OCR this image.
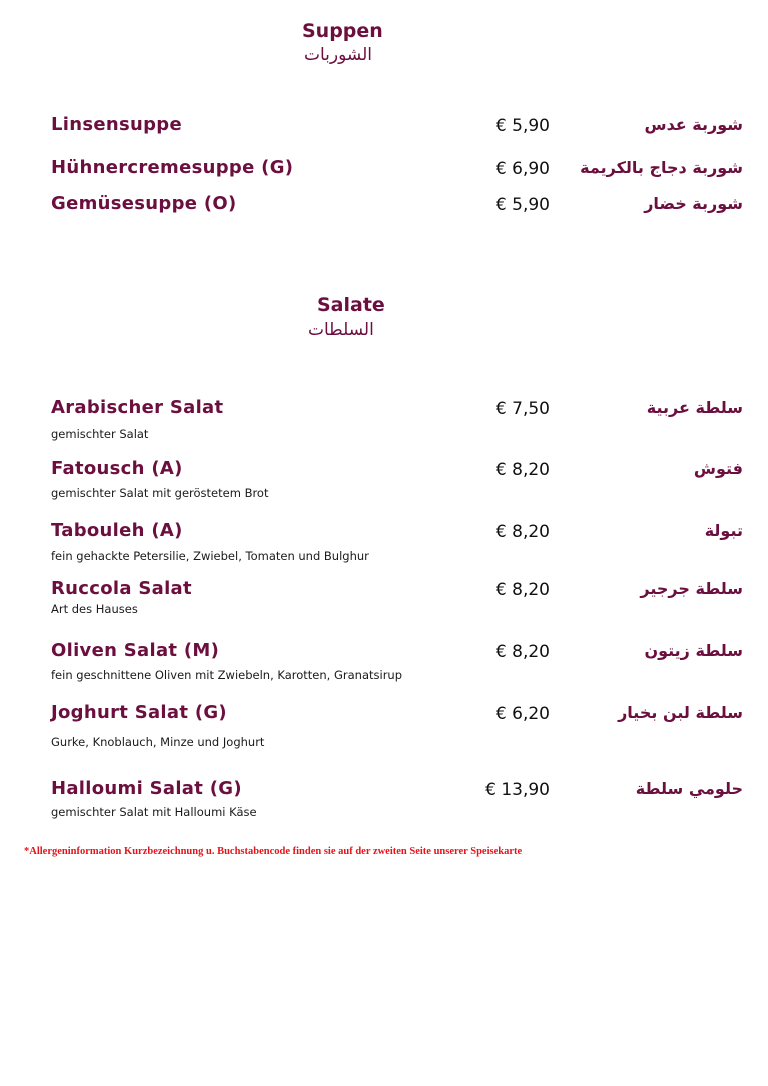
Suppen
الشوربات
Linsensuppe	€ 5,90	شوربة عدس
Hühnercremesuppe (G)	€ 6,90 شوربة دجاج بالكريمة
Gemüsesuppe (O)	€ 5,90	شوربة خضار
Salate
السلطات
Arabischer Salat	€ 7,50	سلطة عربية
gemischter Salat
Fatousch (A)	€ 8,20	فتوش
gemischter Salat mit geröstetem Brot
Tabouleh (A)	€ 8,20	تبولة
fein gehackte Petersilie, Zwiebel, Tomaten und Bulghur
Ruccola Salat	€ 8,20	سلطة جرجير
Art des Hauses
Oliven Salat (M)	€ 8,20	سلطة زيتون
fein geschnittene Oliven mit Zwiebeln, Karotten, Granatsirup
Joghurt Salat (G)	€ 6,20	سلطة لبن بخيار
Gurke, Knoblauch, Minze und Joghurt
Halloumi Salat (G)	€ 13,90	حلومي سلطة
gemischter Salat mit Halloumi Käse
*Allergeninformation Kurzbezeichnung u. Buchstabencode finden sie auf der zweiten Seite unserer Speisekarte
